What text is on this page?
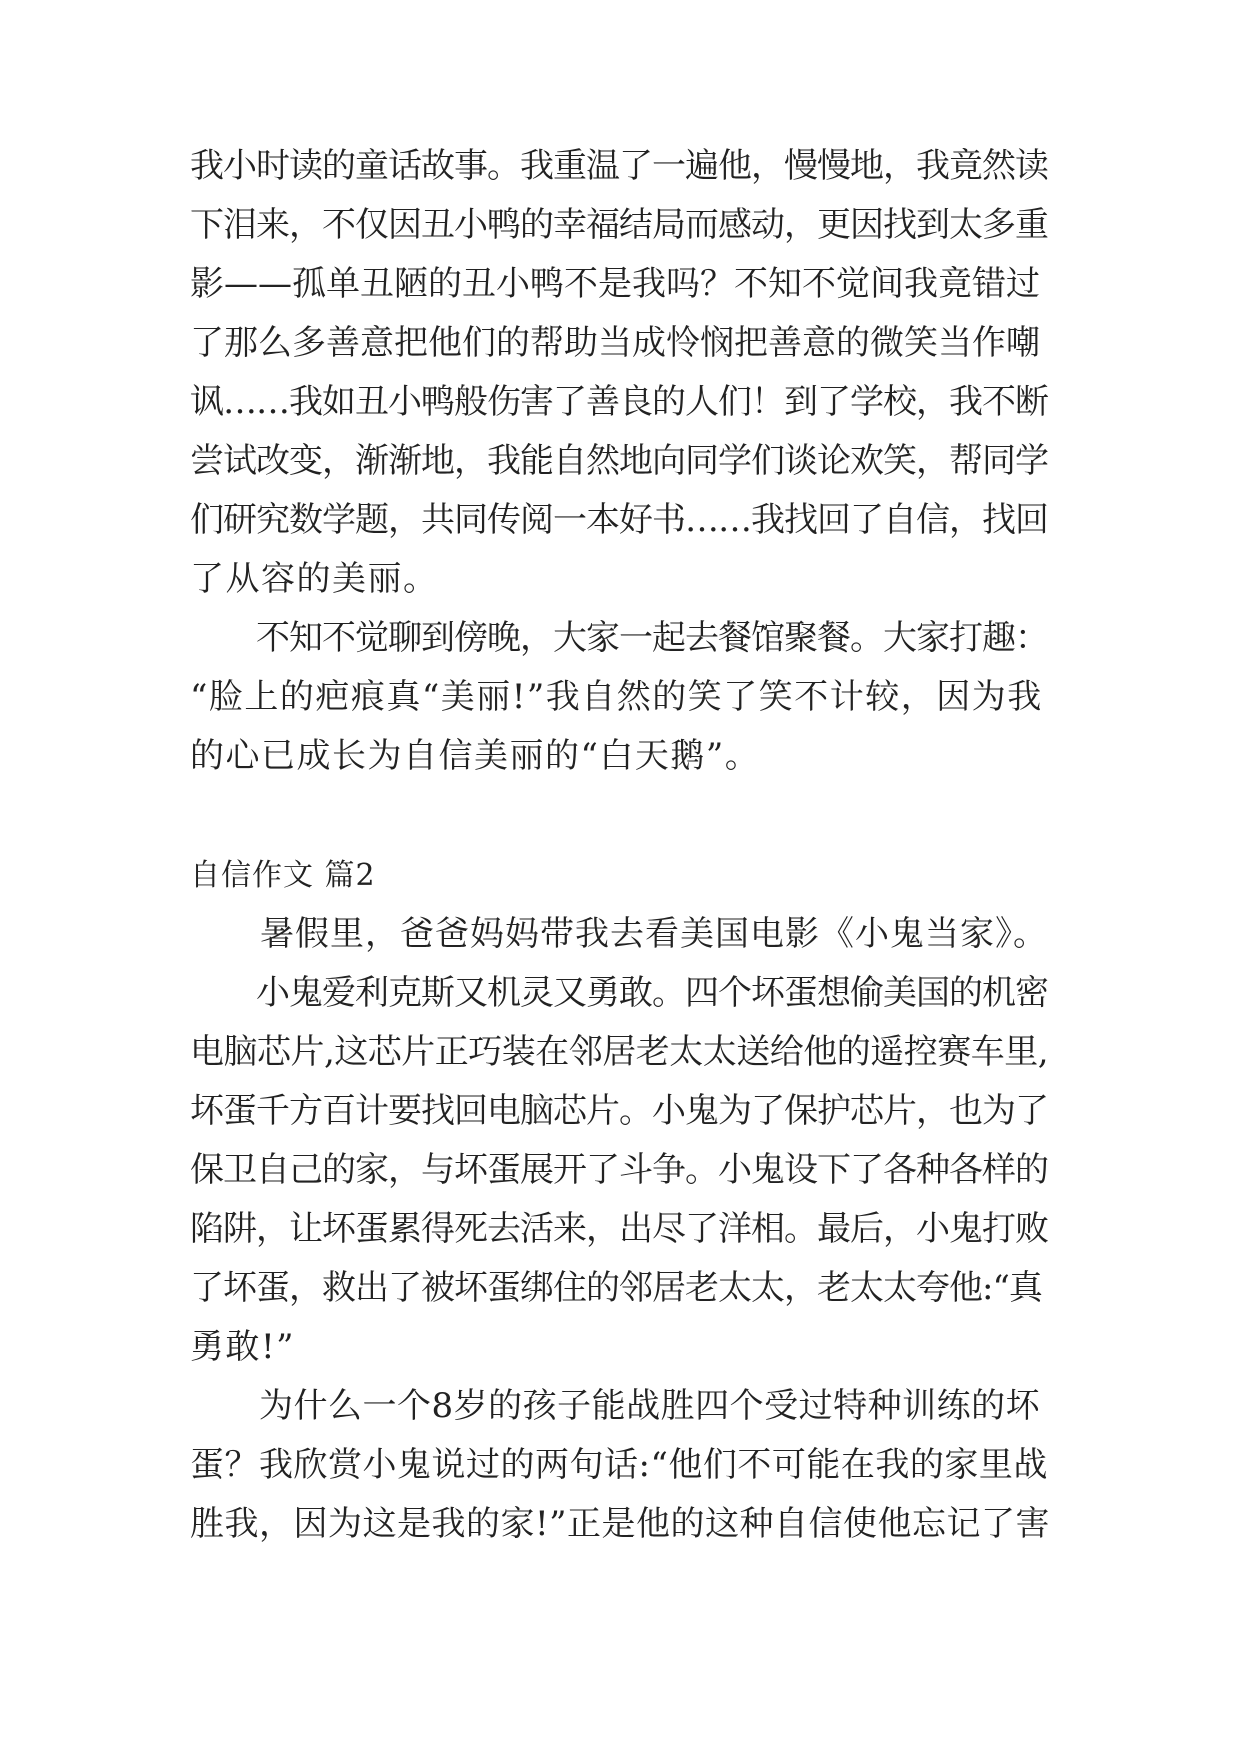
我小时读的童话故事。我重温了一遍他，慢慢地，我竟然读
下泪来，不仅因丑小鸭的幸福结局而感动，更因找到太多重
影——孤单丑陋的丑小鸭不是我吗？不知不觉间我竟错过
了那么多善意把他们的帮助当成怜悯把善意的微笑当作嘲
讽……我如丑小鸭般伤害了善良的人们！到了学校，我不断
尝试改变，渐渐地，我能自然地向同学们谈论欢笑，帮同学
们研究数学题，共同传阅一本好书……我找回了自信，找回
了从容的美丽。
　　不知不觉聊到傍晚，大家一起去餐馆聚餐。大家打趣：
“脸上的疤痕真“美丽!”我自然的笑了笑不计较，因为我
的心已成长为自信美丽的“白天鹅”。
自信作文 篇2
　　暑假里，爸爸妈妈带我去看美国电影《小鬼当家》。
　　小鬼爱利克斯又机灵又勇敢。四个坏蛋想偷美国的机密
电脑芯片,这芯片正巧装在邻居老太太送给他的遥控赛车里,
坏蛋千方百计要找回电脑芯片。小鬼为了保护芯片，也为了
保卫自己的家，与坏蛋展开了斗争。小鬼设下了各种各样的
陷阱，让坏蛋累得死去活来，出尽了洋相。最后，小鬼打败
了坏蛋，救出了被坏蛋绑住的邻居老太太，老太太夸他:“真
勇敢!”
　　为什么一个8岁的孩子能战胜四个受过特种训练的坏
蛋？我欣赏小鬼说过的两句话:“他们不可能在我的家里战
胜我，因为这是我的家!”正是他的这种自信使他忘记了害
